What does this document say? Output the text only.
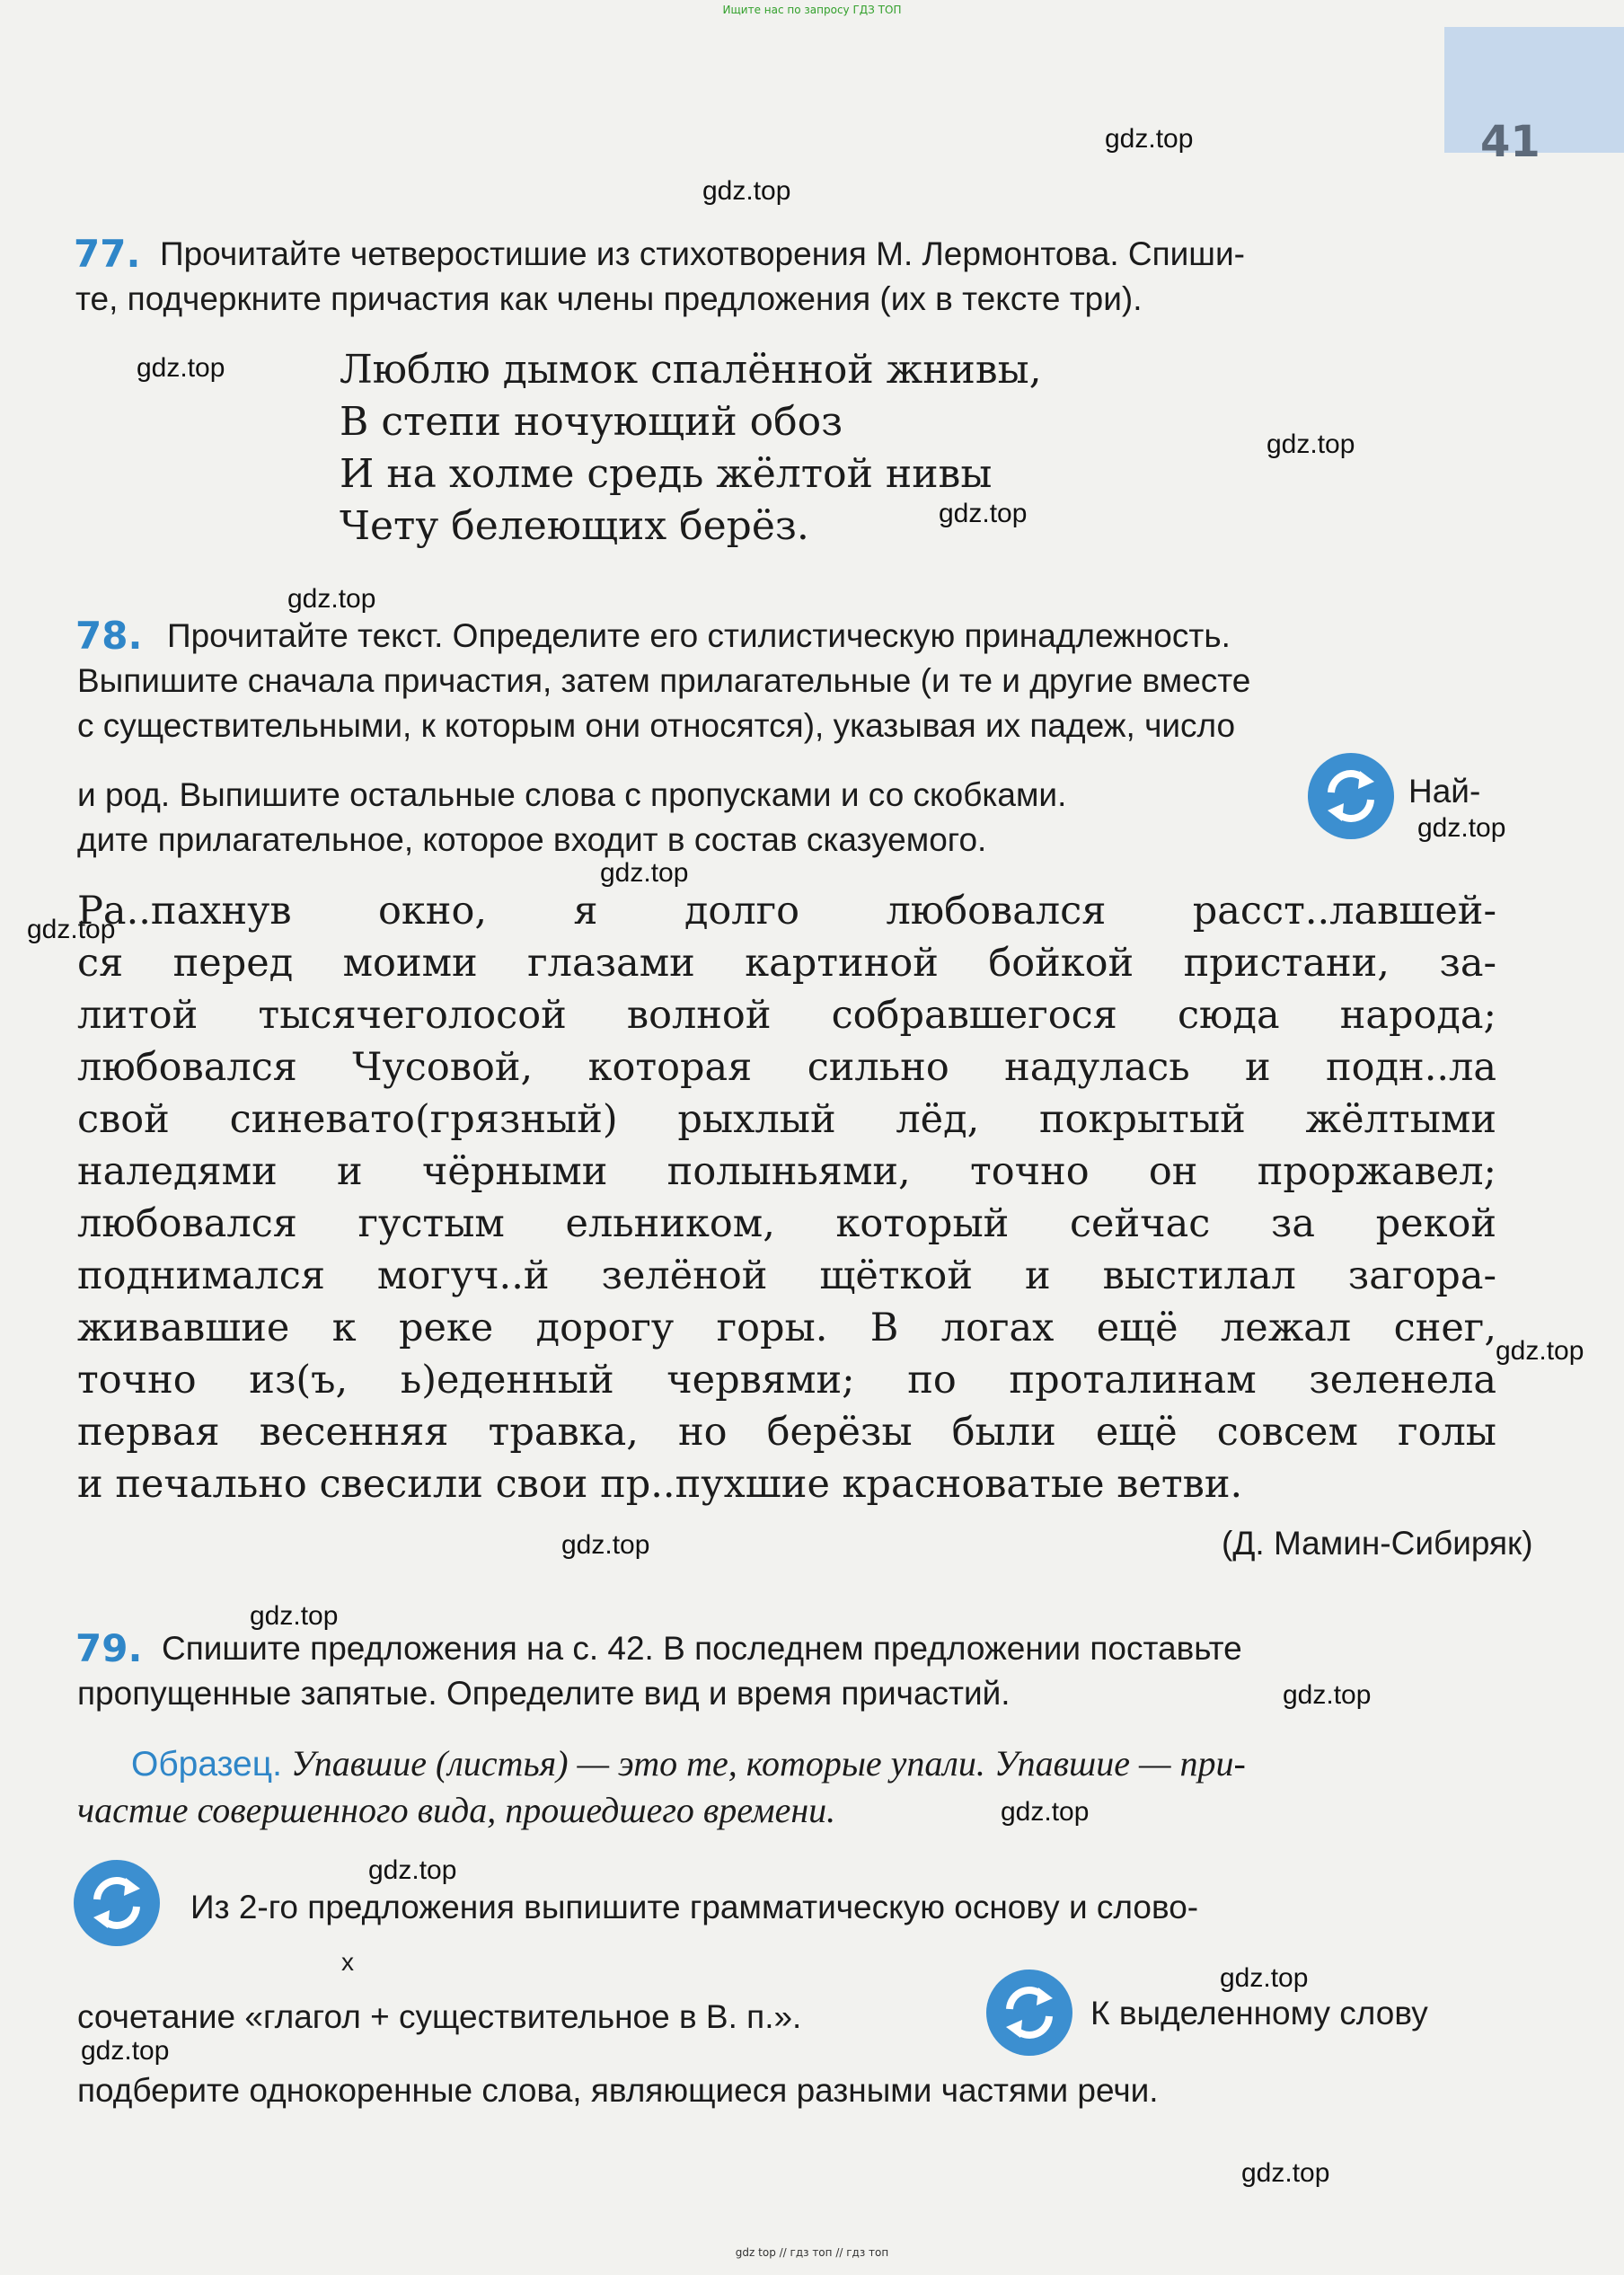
Ищите нас по запросу ГДЗ ТОП
41
gdz.top
gdz.top
gdz.top
gdz.top
gdz.top
gdz.top
gdz.top
gdz.top
gdz.top
gdz.top
gdz.top
gdz.top
gdz.top
gdz.top
gdz.top
gdz.top
gdz.top
gdz.top
77. Прочитайте четверостишие из стихотворения М. Лермонтова. Спиши-

те, подчеркните причастия как члены предложения (их в тексте три).

Люблю дымок спалённой жнивы,

В степи ночующий обоз

И на холме средь жёлтой нивы

Чету белеющих берёз.

78. Прочитайте текст. Определите его стилистическую принадлежность.

Выпишите сначала причастия, затем прилагательные (и те и другие вместе

с существительными, к которым они относятся), указывая их падеж, число

и род. Выпишите остальные слова с пропусками и со скобками.

дите прилагательное, которое входит в состав сказуемого.

Най-

Ра..пахнув окно, я долго любовался расст..лавшей-

ся перед моими глазами картиной бойкой пристани, за-

литой тысячеголосой волной собравшегося сюда народа;

любовался Чусовой, которая сильно надулась и подн..ла

свой синевато(грязный) рыхлый лёд, покрытый жёлтыми

наледями и чёрными полыньями, точно он проржавел;

любовался густым ельником, который сейчас за рекой

поднимался могуч..й зелёной щёткой и выстилал загора-

живавшие к реке дорогу горы. В логах ещё лежал снег,

точно из(ъ, ь)еденный червями; по проталинам зеленела

первая весенняя травка, но берёзы были ещё совсем голы

и печально свесили свои пр..пухшие красноватые ветви.

(Д. Мамин-Сибиряк)
79. Спишите предложения на с. 42. В последнем предложении поставьте

пропущенные запятые. Определите вид и время причастий.

Образец. Упавшие (листья) — это те, которые упали. Упавшие — при-

частие совершенного вида, прошедшего времени.

Из 2-го предложения выпишите грамматическую основу и слово-

x

сочетание «глагол + существительное в В. п.».	К выделенному слову

подберите однокоренные слова, являющиеся разными частями речи.

gdz top // гдз топ // гдз топ
